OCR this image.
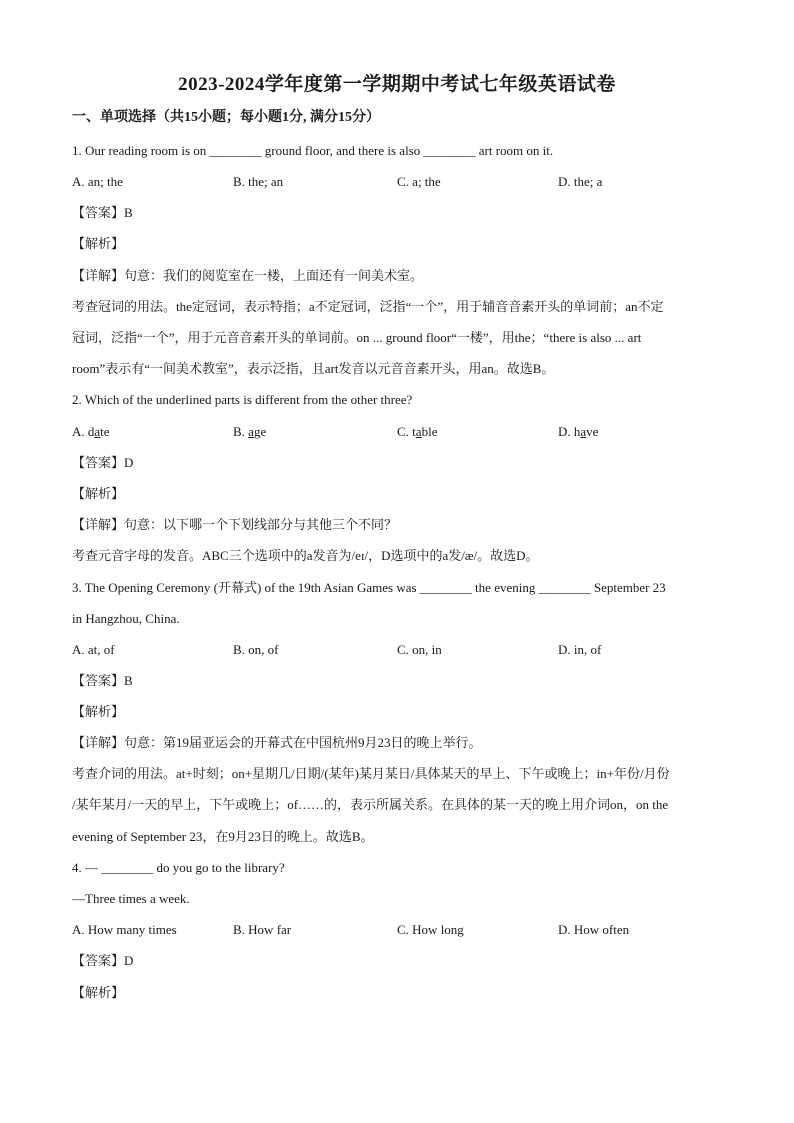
2023-2024学年度第一学期期中考试七年级英语试卷
一、单项选择（共15小题；每小题1分, 满分15分）
1. Our reading room is on ________ ground floor, and there is also ________ art room on it.
A. an; the	B. the; an	C. a; the	D. the; a
【答案】B
【解析】
【详解】句意：我们的阅览室在一楼，上面还有一间美术室。
考查冠词的用法。the定冠词，表示特指；a不定冠词，泛指“一个”，用于辅音音素开头的单词前；an不定
冠词，泛指“一个”，用于元音音素开头的单词前。on ... ground floor“一楼”，用the；“there is also ... art
room”表示有“一间美术教室”，表示泛指，且art发音以元音音素开头，用an。故选B。
2. Which of the underlined parts is different from the other three?
A. date	B. age	C. table	D. have
【答案】D
【解析】
【详解】句意：以下哪一个下划线部分与其他三个不同？
考查元音字母的发音。ABC三个选项中的a发音为/eɪ/，D选项中的a发/æ/。故选D。
3. The Opening Ceremony (开幕式) of the 19th Asian Games was ________ the evening ________ September 23
in Hangzhou, China.
A. at, of	B. on, of	C. on, in	D. in, of
【答案】B
【解析】
【详解】句意：第19届亚运会的开幕式在中国杭州9月23日的晚上举行。
考查介词的用法。at+时刻；on+星期几/日期/(某年)某月某日/具体某天的早上、下午或晚上；in+年份/月份
/某年某月/一天的早上，下午或晚上；of……的，表示所属关系。在具体的某一天的晚上用介词on，on the
evening of September 23，在9月23日的晚上。故选B。
4. — ________ do you go to the library?
—Three times a week.
A. How many times	B. How far	C. How long	D. How often
【答案】D
【解析】
